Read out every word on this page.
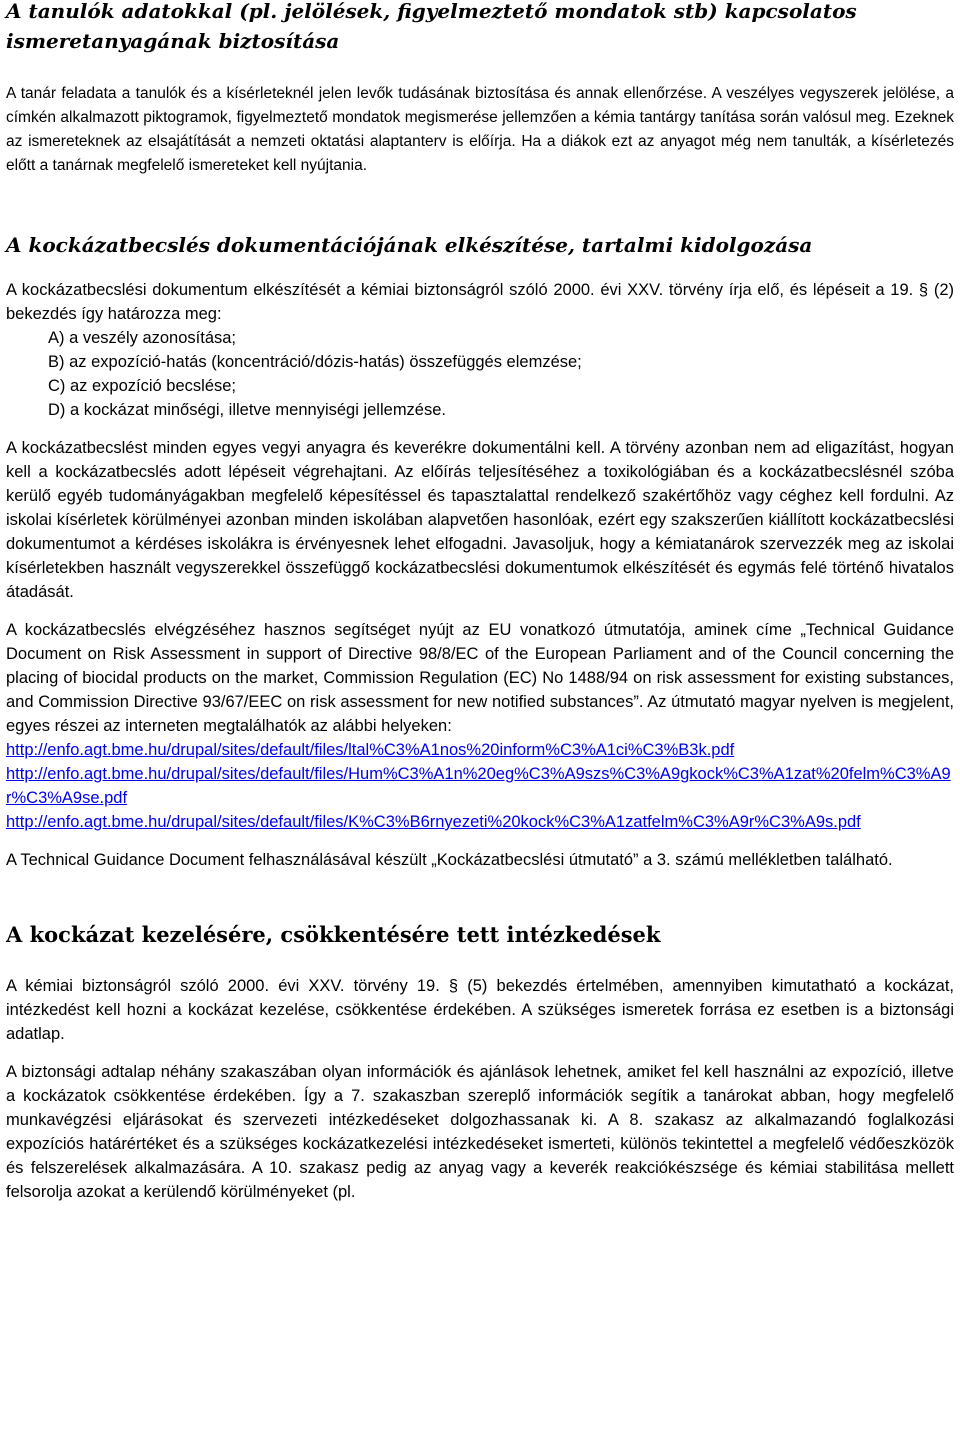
A tanulók adatokkal (pl. jelölések, figyelmeztető mondatok stb) kapcsolatos ismeretanyagának biztosítása

A tanár feladata a tanulók és a kísérleteknél jelen levők tudásának biztosítása és annak ellenőrzése. A veszélyes vegyszerek jelölése, a címkén alkalmazott piktogramok, figyelmeztető mondatok megismerése jellemzően a kémia tantárgy tanítása során valósul meg. Ezeknek az ismereteknek az elsajátítását a nemzeti oktatási alaptanterv is előírja. Ha a diákok ezt az anyagot még nem tanulták, a kísérletezés előtt a tanárnak megfelelő ismereteket kell nyújtania.

A kockázatbecslés dokumentációjának elkészítése, tartalmi kidolgozása

A kockázatbecslési dokumentum elkészítését a kémiai biztonságról szóló 2000. évi XXV. törvény írja elő, és lépéseit a 19. § (2) bekezdés így határozza meg:

A) a veszély azonosítása;
B) az expozíció-hatás (koncentráció/dózis-hatás) összefüggés elemzése;
C) az expozíció becslése;
D) a kockázat minőségi, illetve mennyiségi jellemzése.

A kockázatbecslést minden egyes vegyi anyagra és keverékre dokumentálni kell. A törvény azonban nem ad eligazítást, hogyan kell a kockázatbecslés adott lépéseit végrehajtani. Az előírás teljesítéséhez a toxikológiában és a kockázatbecslésnél szóba kerülő egyéb tudományágakban megfelelő képesítéssel és tapasztalattal rendelkező szakértőhöz vagy céghez kell fordulni. Az iskolai kísérletek körülményei azonban minden iskolában alapvetően hasonlóak, ezért egy szakszerűen kiállított kockázatbecslési dokumentumot a kérdéses iskolákra is érvényesnek lehet elfogadni. Javasoljuk, hogy a kémiatanárok szervezzék meg az iskolai kísérletekben használt vegyszerekkel összefüggő kockázatbecslési dokumentumok elkészítését és egymás felé történő hivatalos átadását.

A kockázatbecslés elvégzéséhez hasznos segítséget nyújt az EU vonatkozó útmutatója, aminek címe „Technical Guidance Document on Risk Assessment in support of Directive 98/8/EC of the European Parliament and of the Council concerning the placing of biocidal products on the market, Commission Regulation (EC) No 1488/94 on risk assessment for existing substances, and Commission Directive 93/67/EEC on risk assessment for new notified substances”. Az útmutató magyar nyelven is megjelent, egyes részei az interneten megtalálhatók az alábbi helyeken:

http://enfo.agt.bme.hu/drupal/sites/default/files/ltal%C3%A1nos%20inform%C3%A1ci%C3%B3k.pdf
http://enfo.agt.bme.hu/drupal/sites/default/files/Hum%C3%A1n%20eg%C3%A9szs%C3%A9gkock%C3%A1zat%20felm%C3%A9r%C3%A9se.pdf
http://enfo.agt.bme.hu/drupal/sites/default/files/K%C3%B6rnyezeti%20kock%C3%A1zatfelm%C3%A9r%C3%A9s.pdf

A Technical Guidance Document felhasználásával készült „Kockázatbecslési útmutató” a 3. számú mellékletben található.

A kockázat kezelésére, csökkentésére tett intézkedések

A kémiai biztonságról szóló 2000. évi XXV. törvény 19. § (5) bekezdés értelmében, amennyiben kimutatható a kockázat, intézkedést kell hozni a kockázat kezelése, csökkentése érdekében. A szükséges ismeretek forrása ez esetben is a biztonsági adatlap.

A biztonsági adtalap néhány szakaszában olyan információk és ajánlások lehetnek, amiket fel kell használni az expozíció, illetve a kockázatok csökkentése érdekében. Így a 7. szakaszban szereplő információk segítik a tanárokat abban, hogy megfelelő munkavégzési eljárásokat és szervezeti intézkedéseket dolgozhassanak ki. A 8. szakasz az alkalmazandó foglalkozási expozíciós határértéket és a szükséges kockázatkezelési intézkedéseket ismerteti, különös tekintettel a megfelelő védőeszközök és felszerelések alkalmazására. A 10. szakasz pedig az anyag vagy a keverék reakciókészsége és kémiai stabilitása mellett felsorolja azokat a kerülendő körülményeket (pl.
